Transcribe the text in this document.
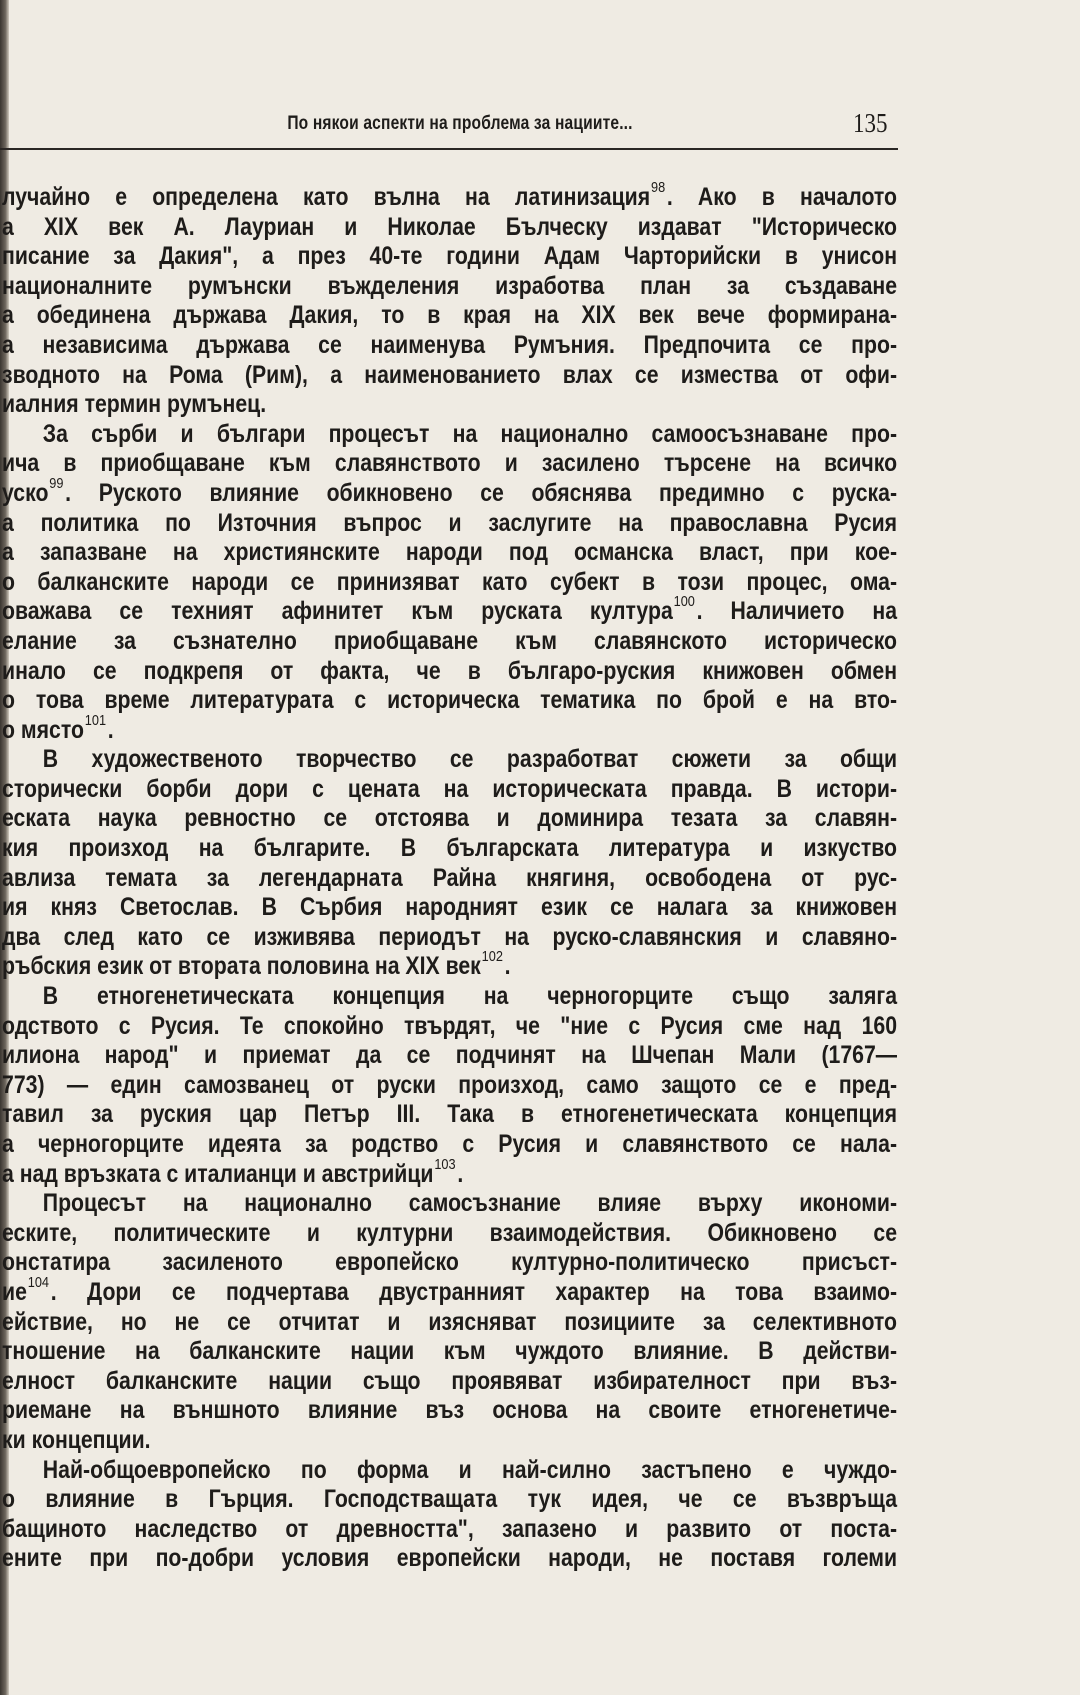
По някои аспекти на проблема за нациите...	135
лучайно е определена като вълна на латинизация$^{98}$. Ако в началото
а XIX век А. Лауриан и Николае Бълческу издават "Историческо
писание за Дакия", а през 40-те години Адам Чарторийски в унисон
националните румънски въжделения изработва план за създаване
а обединена държава Дакия, то в края на XIX век вече формирана-
а независима държава се наименува Румъния. Предпочита се про-
зводното на Рома (Рим), а наименованието влах се измества от офи-
иалния термин румънец.
За сърби и българи процесът на национално самоосъзнаване про-
ича в приобщаване към славянството и засилено търсене на всичко
уско$^{99}$. Руското влияние обикновено се обяснява предимно с руска-
а политика по Източния въпрос и заслугите на православна Русия
а запазване на християнските народи под османска власт, при кое-
о балканските народи се принизяват като субект в този процес, ома-
оважава се техният афинитет към руската култура$^{100}$. Наличието на
елание за съзнателно приобщаване към славянското историческо
инало се подкрепя от факта, че в българо-руския книжовен обмен
о това време литературата с историческа тематика по брой е на вто-
о място$^{101}$.
В художественото творчество се разработват сюжети за общи
сторически борби дори с цената на историческата правда. В истори-
еската наука ревностно се отстоява и доминира тезата за славян-
кия произход на българите. В българската литература и изкуство
авлиза темата за легендарната Райна княгиня, освободена от рус-
ия княз Светослав. В Сърбия народният език се налага за книжовен
два след като се изживява периодът на руско-славянския и славяно-
ръбския език от втората половина на XIX век$^{102}$.
В етногенетическата концепция на черногорците също заляга
одството с Русия. Те спокойно твърдят, че "ние с Русия сме над 160
илиона народ" и приемат да се подчинят на Шчепан Мали (1767—
773) — един самозванец от руски произход, само защото се е пред-
тавил за руския цар Петър III. Така в етногенетическата концепция
а черногорците идеята за родство с Русия и славянството се нала-
а над връзката с италианци и австрийци$^{103}$.
Процесът на национално самосъзнание влияе върху икономи-
еските, политическите и културни взаимодействия. Обикновено се
онстатира засиленото европейско културно-политическо присъст-
$ие^{104}$. Дори се подчертава двустранният характер на това взаимо-
ействие, но не се отчитат и изясняват позициите за селективното
тношение на балканските нации към чуждото влияние. В действи-
елност балканските нации също проявяват избирателност при въз-
риемане на външното влияние въз основа на своите етногенетиче-
ки концепции.
Най-общоевропейско по форма и най-силно застъпено е чуждо-
о влияние в Гърция. Господстващата тук идея, че се възвръща
бащиното наследство от древността", запазено и развито от поста-
ените при по-добри условия европейски народи, не поставя големи
